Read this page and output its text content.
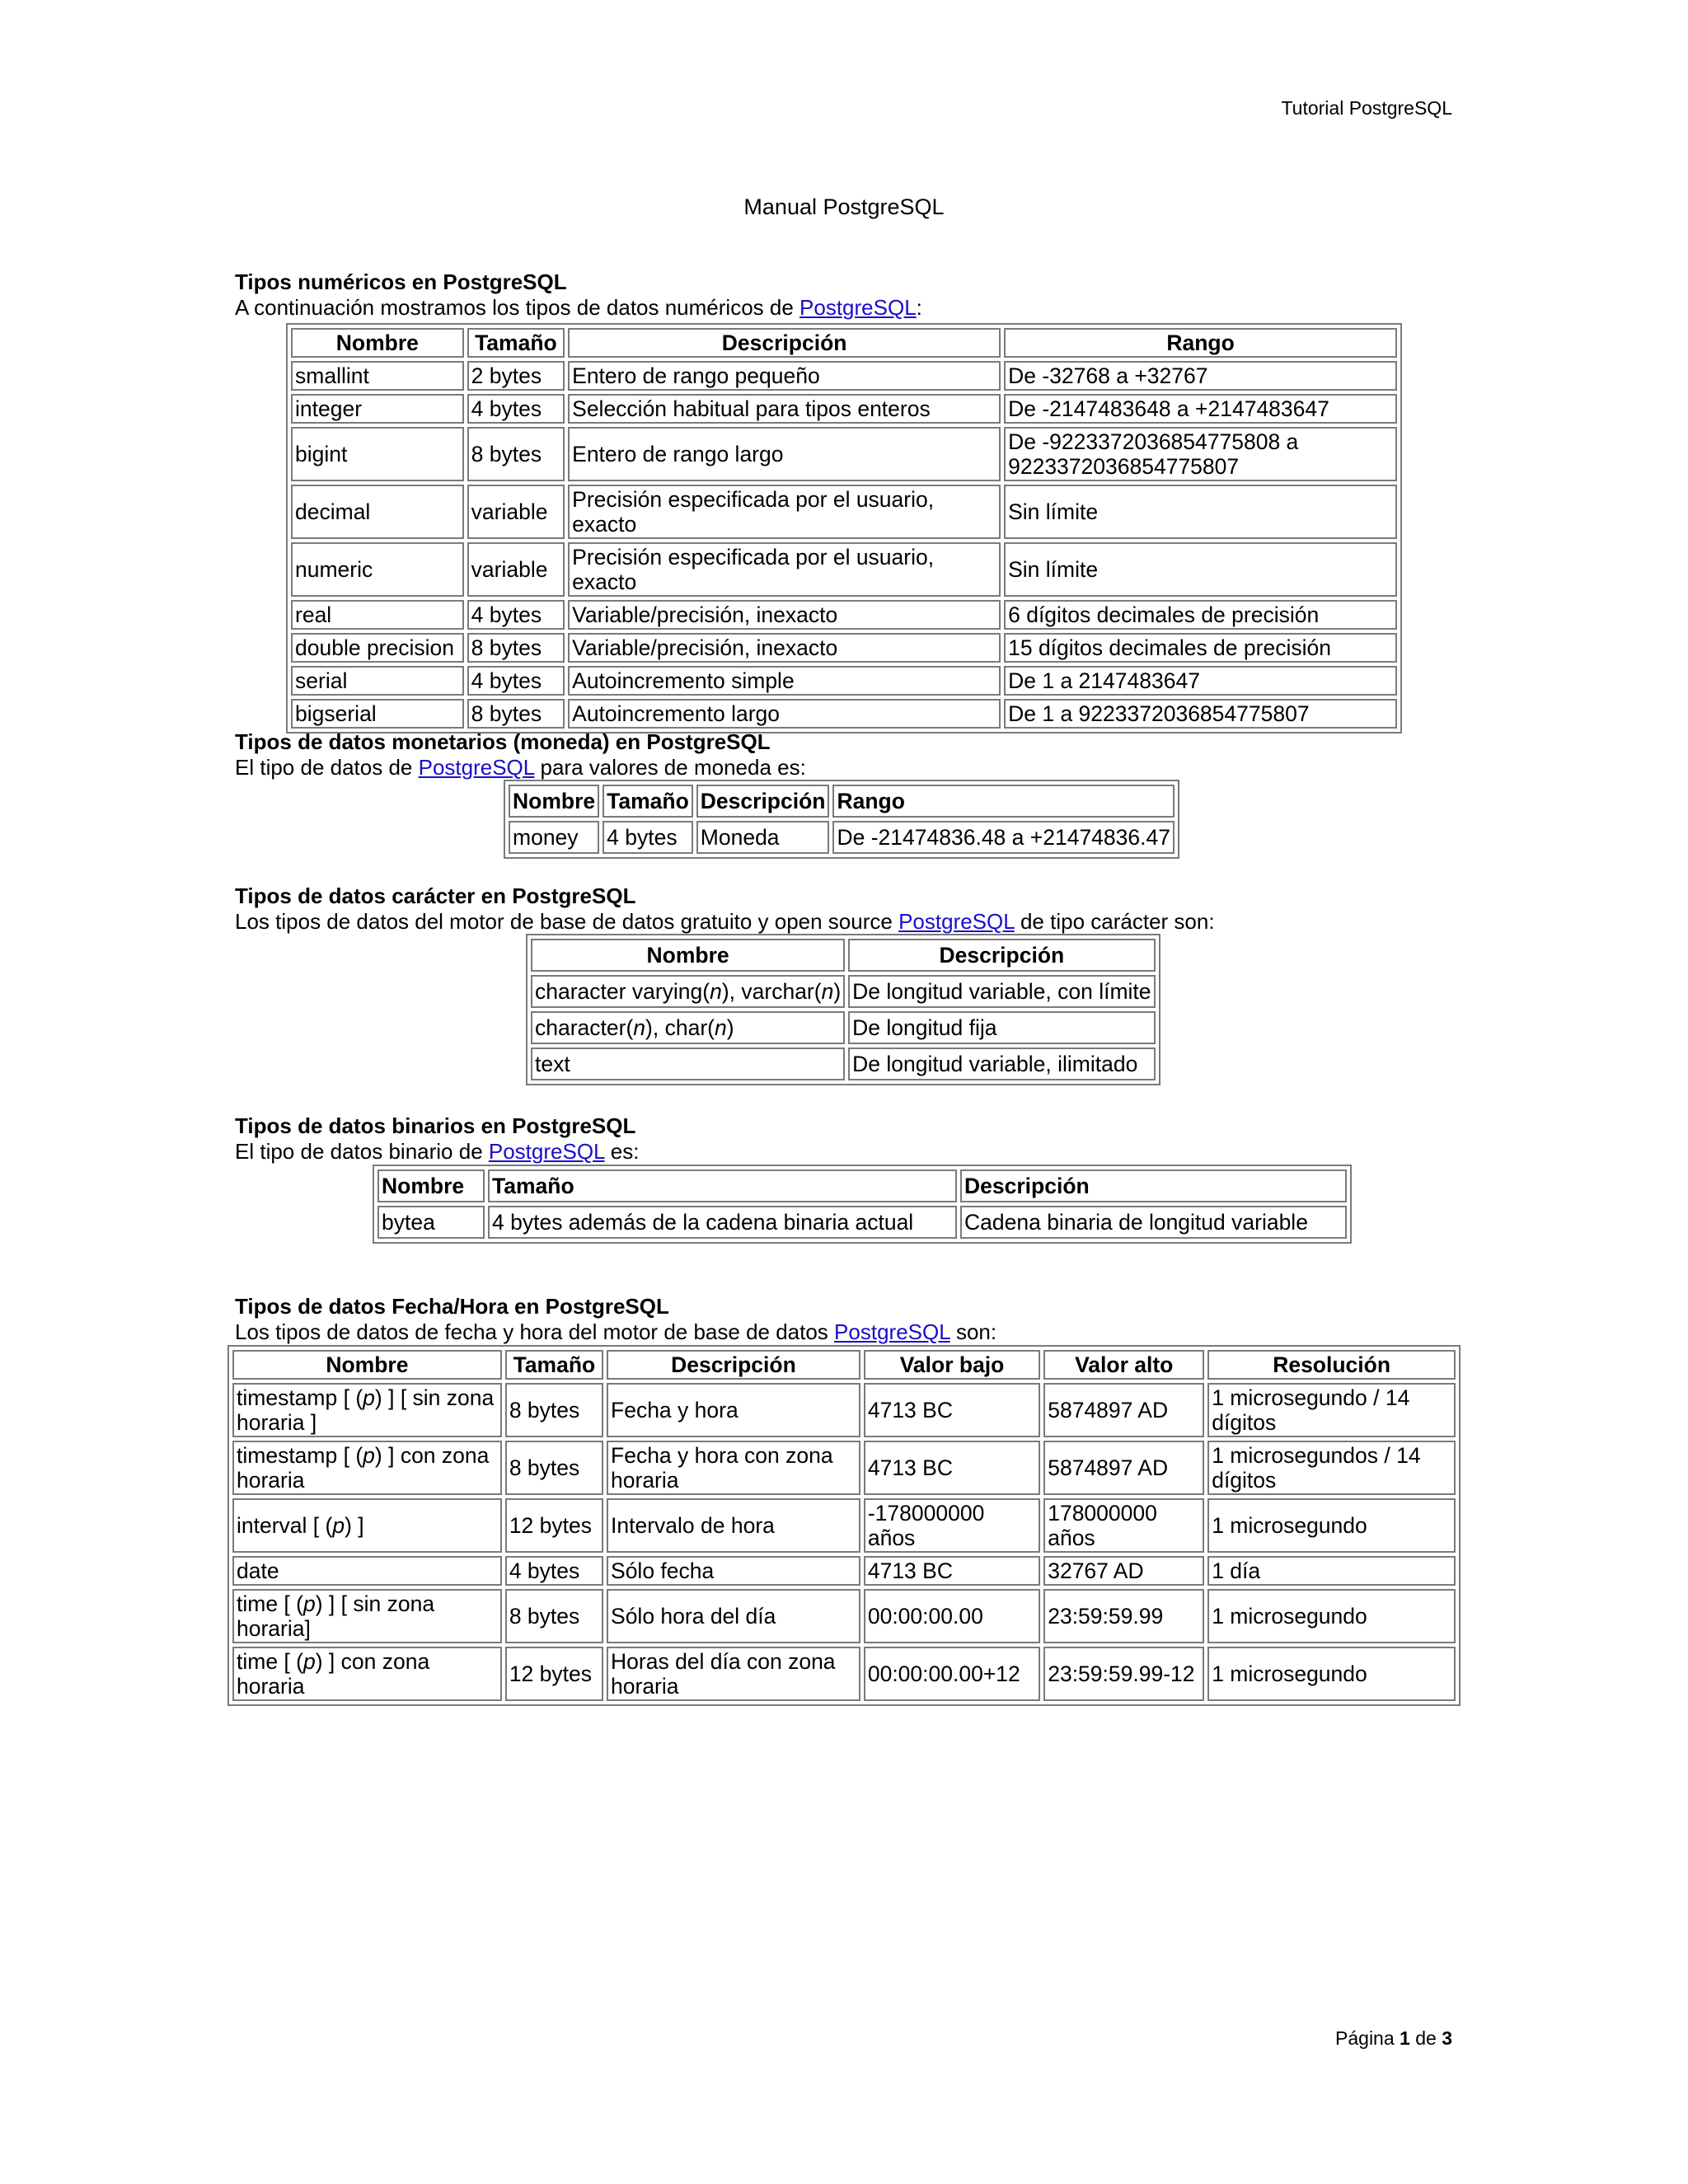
Tutorial PostgreSQL
Manual PostgreSQL
Tipos numéricos en PostgreSQL

A continuación mostramos los tipos de datos numéricos de PostgreSQL:

Nombre	Tamaño	Descripción	Rango
smallint	2 bytes	Entero de rango pequeño	De -32768 a +32767
integer	4 bytes	Selección habitual para tipos enteros	De -2147483648 a +2147483647
bigint	8 bytes	Entero de rango largo	De -9223372036854775808 a 9223372036854775807
decimal	variable	Precisión especificada por el usuario, exacto	Sin límite
numeric	variable	Precisión especificada por el usuario, exacto	Sin límite
real	4 bytes	Variable/precisión, inexacto	6 dígitos decimales de precisión
double precision	8 bytes	Variable/precisión, inexacto	15 dígitos decimales de precisión
serial	4 bytes	Autoincremento simple	De 1 a 2147483647
bigserial	8 bytes	Autoincremento largo	De 1 a 9223372036854775807
Tipos de datos monetarios (moneda) en PostgreSQL

El tipo de datos de PostgreSQL para valores de moneda es:

Nombre	Tamaño	Descripción	Rango
money	4 bytes	Moneda	De -21474836.48 a +21474836.47
Tipos de datos carácter en PostgreSQL

Los tipos de datos del motor de base de datos gratuito y open source PostgreSQL de tipo carácter son:

Nombre	Descripción
character varying(n), varchar(n)	De longitud variable, con límite
character(n), char(n)	De longitud fija
text	De longitud variable, ilimitado
Tipos de datos binarios en PostgreSQL

El tipo de datos binario de PostgreSQL es:

Nombre	Tamaño	Descripción
bytea	4 bytes además de la cadena binaria actual	Cadena binaria de longitud variable
Tipos de datos Fecha/Hora en PostgreSQL

Los tipos de datos de fecha y hora del motor de base de datos PostgreSQL son:

Nombre	Tamaño	Descripción	Valor bajo	Valor alto	Resolución
timestamp [ (p) ] [ sin zona horaria ]	8 bytes	Fecha y hora	4713 BC	5874897 AD	1 microsegundo / 14 dígitos
timestamp [ (p) ] con zona horaria	8 bytes	Fecha y hora con zona horaria	4713 BC	5874897 AD	1 microsegundos / 14 dígitos
interval [ (p) ]	12 bytes	Intervalo de hora	-178000000 años	178000000 años	1 microsegundo
date	4 bytes	Sólo fecha	4713 BC	32767 AD	1 día
time [ (p) ] [ sin zona horaria]	8 bytes	Sólo hora del día	00:00:00.00	23:59:59.99	1 microsegundo
time [ (p) ] con zona horaria	12 bytes	Horas del día con zona horaria	00:00:00.00+12	23:59:59.99-12	1 microsegundo
Página 1 de 3
